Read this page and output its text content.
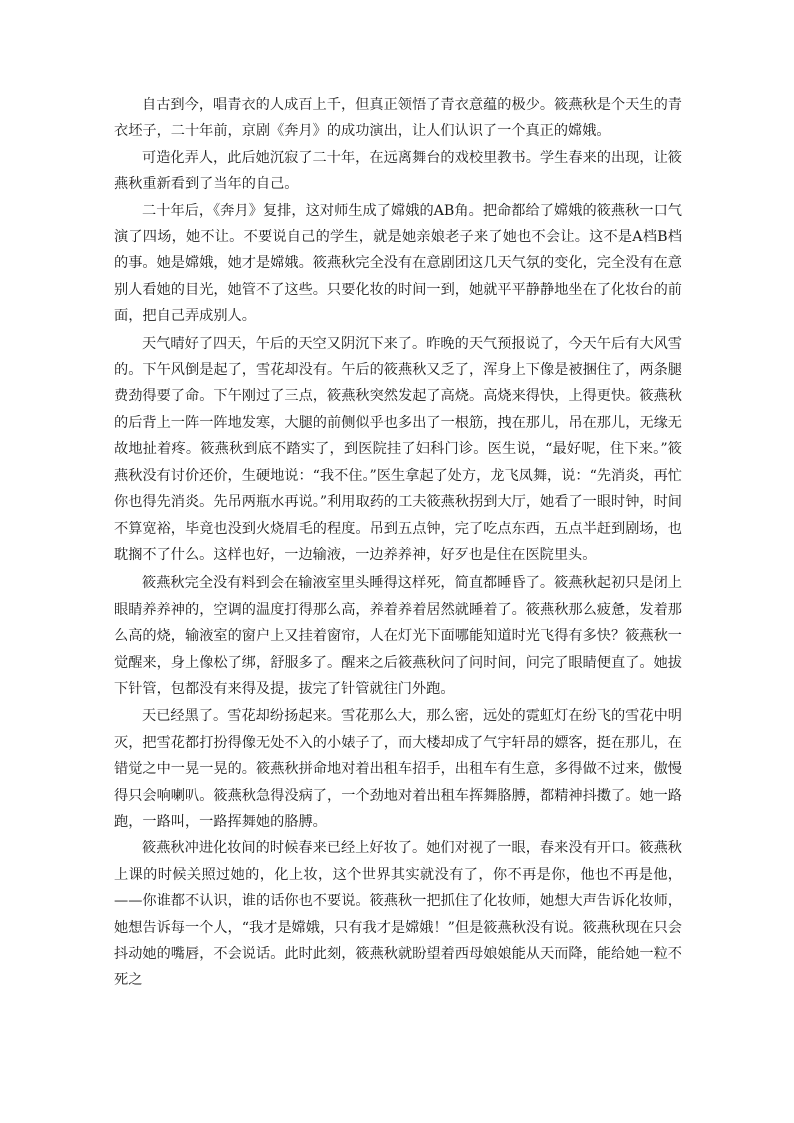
自古到今，唱青衣的人成百上千，但真正领悟了青衣意蕴的极少。筱燕秋是个天生的青衣坯子，二十年前，京剧《奔月》的成功演出，让人们认识了一个真正的嫦娥。

可造化弄人，此后她沉寂了二十年，在远离舞台的戏校里教书。学生春来的出现，让筱燕秋重新看到了当年的自己。

二十年后，《奔月》复排，这对师生成了嫦娥的AB角。把命都给了嫦娥的筱燕秋一口气演了四场，她不让。不要说自己的学生，就是她亲娘老子来了她也不会让。这不是A档B档的事。她是嫦娥，她才是嫦娥。筱燕秋完全没有在意剧团这几天气氛的变化，完全没有在意别人看她的目光，她管不了这些。只要化妆的时间一到，她就平平静静地坐在了化妆台的前面，把自己弄成别人。

天气晴好了四天，午后的天空又阴沉下来了。昨晚的天气预报说了，今天午后有大风雪的。下午风倒是起了，雪花却没有。午后的筱燕秋又乏了，浑身上下像是被捆住了，两条腿费劲得要了命。下午刚过了三点，筱燕秋突然发起了高烧。高烧来得快，上得更快。筱燕秋的后背上一阵一阵地发寒，大腿的前侧似乎也多出了一根筋，拽在那儿，吊在那儿，无缘无故地扯着疼。筱燕秋到底不踏实了，到医院挂了妇科门诊。医生说，“最好呢，住下来。”筱燕秋没有讨价还价，生硬地说：“我不住。”医生拿起了处方，龙飞凤舞，说：“先消炎，再忙你也得先消炎。先吊两瓶水再说。”利用取药的工夫筱燕秋拐到大厅，她看了一眼时钟，时间不算宽裕，毕竟也没到火烧眉毛的程度。吊到五点钟，完了吃点东西，五点半赶到剧场，也耽搁不了什么。这样也好，一边输液，一边养养神，好歹也是住在医院里头。

筱燕秋完全没有料到会在输液室里头睡得这样死，简直都睡昏了。筱燕秋起初只是闭上眼睛养养神的，空调的温度打得那么高，养着养着居然就睡着了。筱燕秋那么疲惫，发着那么高的烧，输液室的窗户上又挂着窗帘，人在灯光下面哪能知道时光飞得有多快？筱燕秋一觉醒来，身上像松了绑，舒服多了。醒来之后筱燕秋问了问时间，问完了眼睛便直了。她拔下针管，包都没有来得及提，拔完了针管就往门外跑。

天已经黑了。雪花却纷扬起来。雪花那么大，那么密，远处的霓虹灯在纷飞的雪花中明灭，把雪花都打扮得像无处不入的小婊子了，而大楼却成了气宇轩昂的嫖客，挺在那儿，在错觉之中一晃一晃的。筱燕秋拼命地对着出租车招手，出租车有生意，多得做不过来，傲慢得只会响喇叭。筱燕秋急得没病了，一个劲地对着出租车挥舞胳膊，都精神抖擞了。她一路跑，一路叫，一路挥舞她的胳膊。

筱燕秋冲进化妆间的时候春来已经上好妆了。她们对视了一眼，春来没有开口。筱燕秋上课的时候关照过她的，化上妆，这个世界其实就没有了，你不再是你，他也不再是他，——你谁都不认识，谁的话你也不要说。筱燕秋一把抓住了化妆师，她想大声告诉化妆师，她想告诉每一个人，“我才是嫦娥，只有我才是嫦娥！”但是筱燕秋没有说。筱燕秋现在只会抖动她的嘴唇，不会说话。此时此刻，筱燕秋就盼望着西母娘娘能从天而降，能给她一粒不死之
